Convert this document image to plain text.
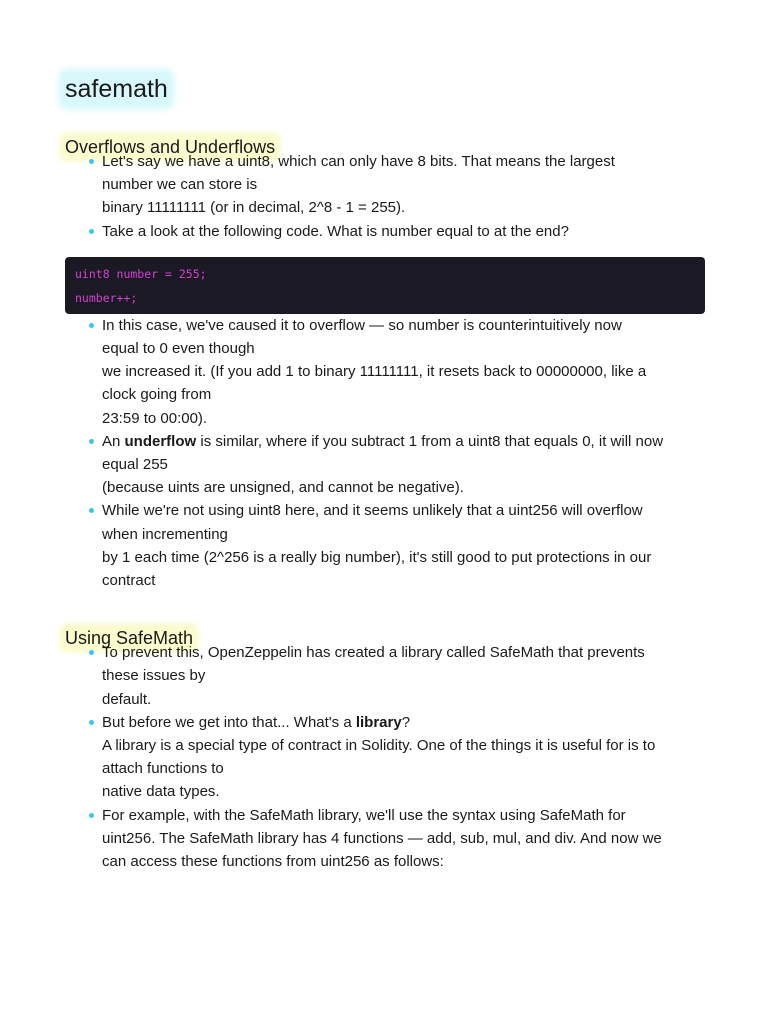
safemath
Overflows and Underflows
Let's say we have a uint8, which can only have 8 bits. That means the largest
number we can store is
binary 11111111 (or in decimal, 2^8 - 1 = 255).
Take a look at the following code. What is number equal to at the end?
uint8 number = 255;
number++;
In this case, we've caused it to overflow — so number is counterintuitively now
equal to 0 even though
we increased it. (If you add 1 to binary 11111111, it resets back to 00000000, like a
clock going from
23:59 to 00:00).
An underflow is similar, where if you subtract 1 from a uint8 that equals 0, it will now
equal 255
(because uints are unsigned, and cannot be negative).
While we're not using uint8 here, and it seems unlikely that a uint256 will overflow
when incrementing
by 1 each time (2^256 is a really big number), it's still good to put protections in our
contract
Using SafeMath
To prevent this, OpenZeppelin has created a library called SafeMath that prevents
these issues by
default.
But before we get into that... What's a library?
A library is a special type of contract in Solidity. One of the things it is useful for is to
attach functions to
native data types.
For example, with the SafeMath library, we'll use the syntax using SafeMath for
uint256. The SafeMath library has 4 functions — add, sub, mul, and div. And now we
can access these functions from uint256 as follows:
